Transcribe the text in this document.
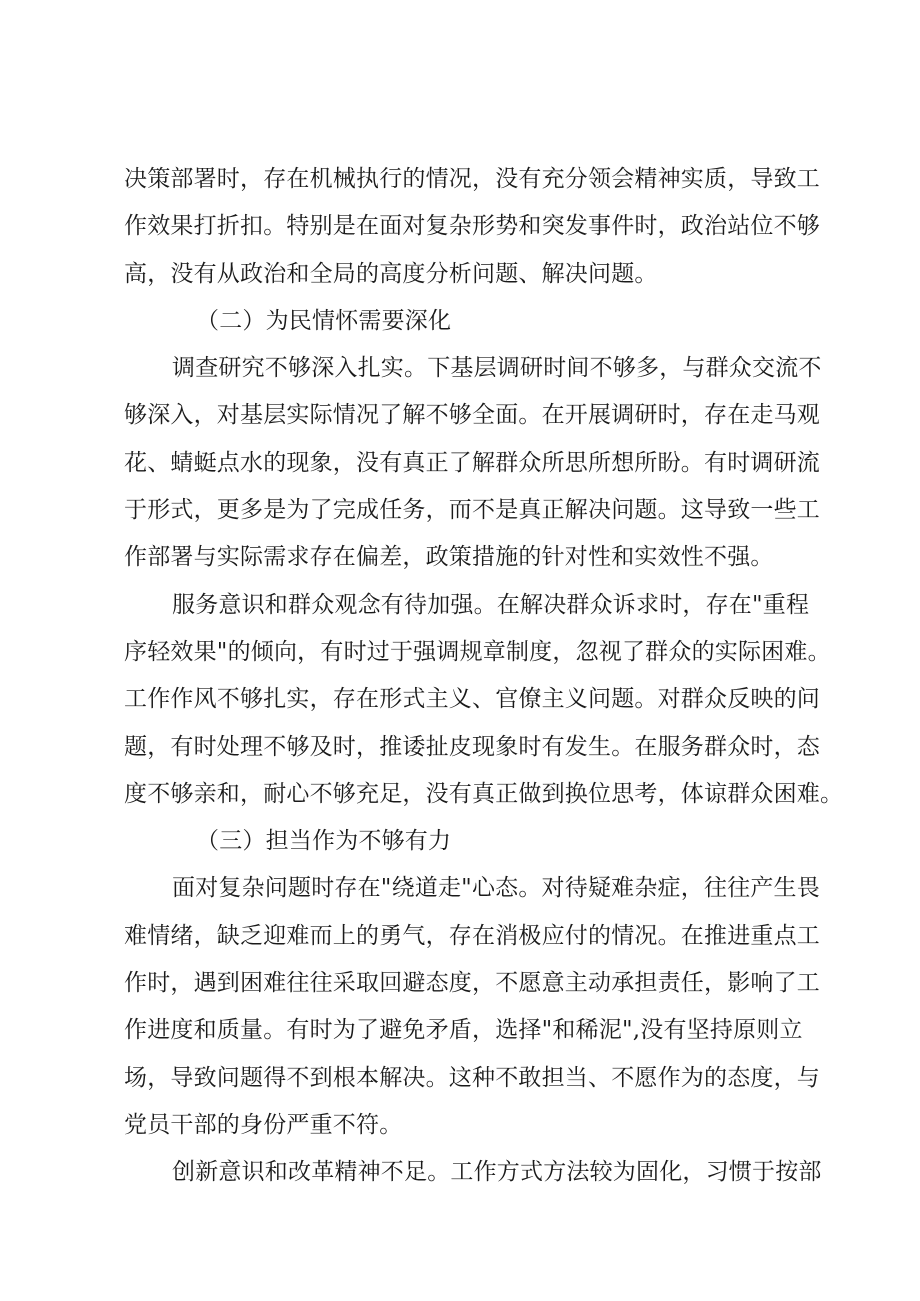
决策部署时，存在机械执行的情况，没有充分领会精神实质，导致工
作效果打折扣。特别是在面对复杂形势和突发事件时，政治站位不够
高，没有从政治和全局的高度分析问题、解决问题。
（二）为民情怀需要深化
调查研究不够深入扎实。下基层调研时间不够多，与群众交流不
够深入，对基层实际情况了解不够全面。在开展调研时，存在走马观
花、蜻蜓点水的现象，没有真正了解群众所思所想所盼。有时调研流
于形式，更多是为了完成任务，而不是真正解决问题。这导致一些工
作部署与实际需求存在偏差，政策措施的针对性和实效性不强。
服务意识和群众观念有待加强。在解决群众诉求时，存在"重程
序轻效果"的倾向，有时过于强调规章制度，忽视了群众的实际困难。
工作作风不够扎实，存在形式主义、官僚主义问题。对群众反映的问
题，有时处理不够及时，推诿扯皮现象时有发生。在服务群众时，态
度不够亲和，耐心不够充足，没有真正做到换位思考，体谅群众困难。
（三）担当作为不够有力
面对复杂问题时存在"绕道走"心态。对待疑难杂症，往往产生畏
难情绪，缺乏迎难而上的勇气，存在消极应付的情况。在推进重点工
作时，遇到困难往往采取回避态度，不愿意主动承担责任，影响了工
作进度和质量。有时为了避免矛盾，选择"和稀泥",没有坚持原则立
场，导致问题得不到根本解决。这种不敢担当、不愿作为的态度，与
党员干部的身份严重不符。
创新意识和改革精神不足。工作方式方法较为固化，习惯于按部
